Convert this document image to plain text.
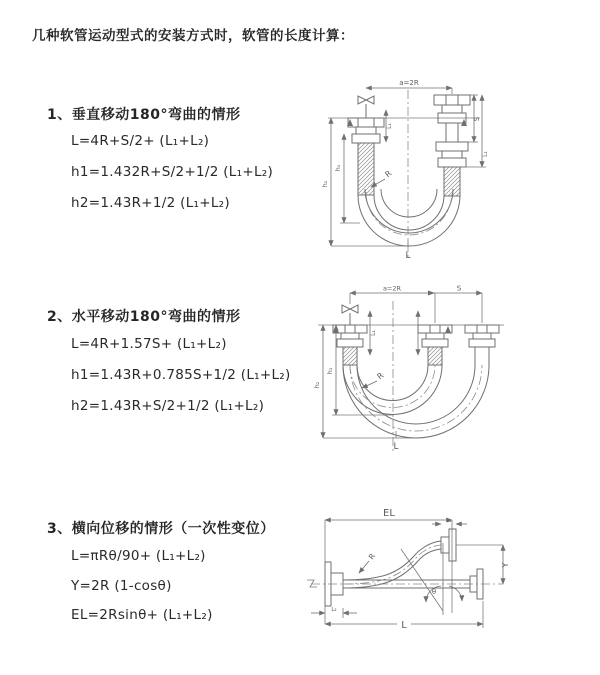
几种软管运动型式的安装方式时，软管的长度计算：
1、垂直移动180°弯曲的情形
L=4R+S/2+ (L₁+L₂)
h1=1.432R+S/2+1/2 (L₁+L₂)
h2=1.43R+1/2 (L₁+L₂)
2、水平移动180°弯曲的情形
L=4R+1.57S+ (L₁+L₂)
h1=1.43R+0.785S+1/2 (L₁+L₂)
h2=1.43R+S/2+1/2 (L₁+L₂)
3、横向位移的情形（一次性变位）
L=πRθ/90+ (L₁+L₂)
Y=2R (1-cosθ)
EL=2Rsinθ+ (L₁+L₂)
a=2R
L₁
S
L₁
R
h₁
h₂
L
a=2R	S
L₁
R
h₁
h₂
L
EL
L₁
R
θ
Y
L₂
L
